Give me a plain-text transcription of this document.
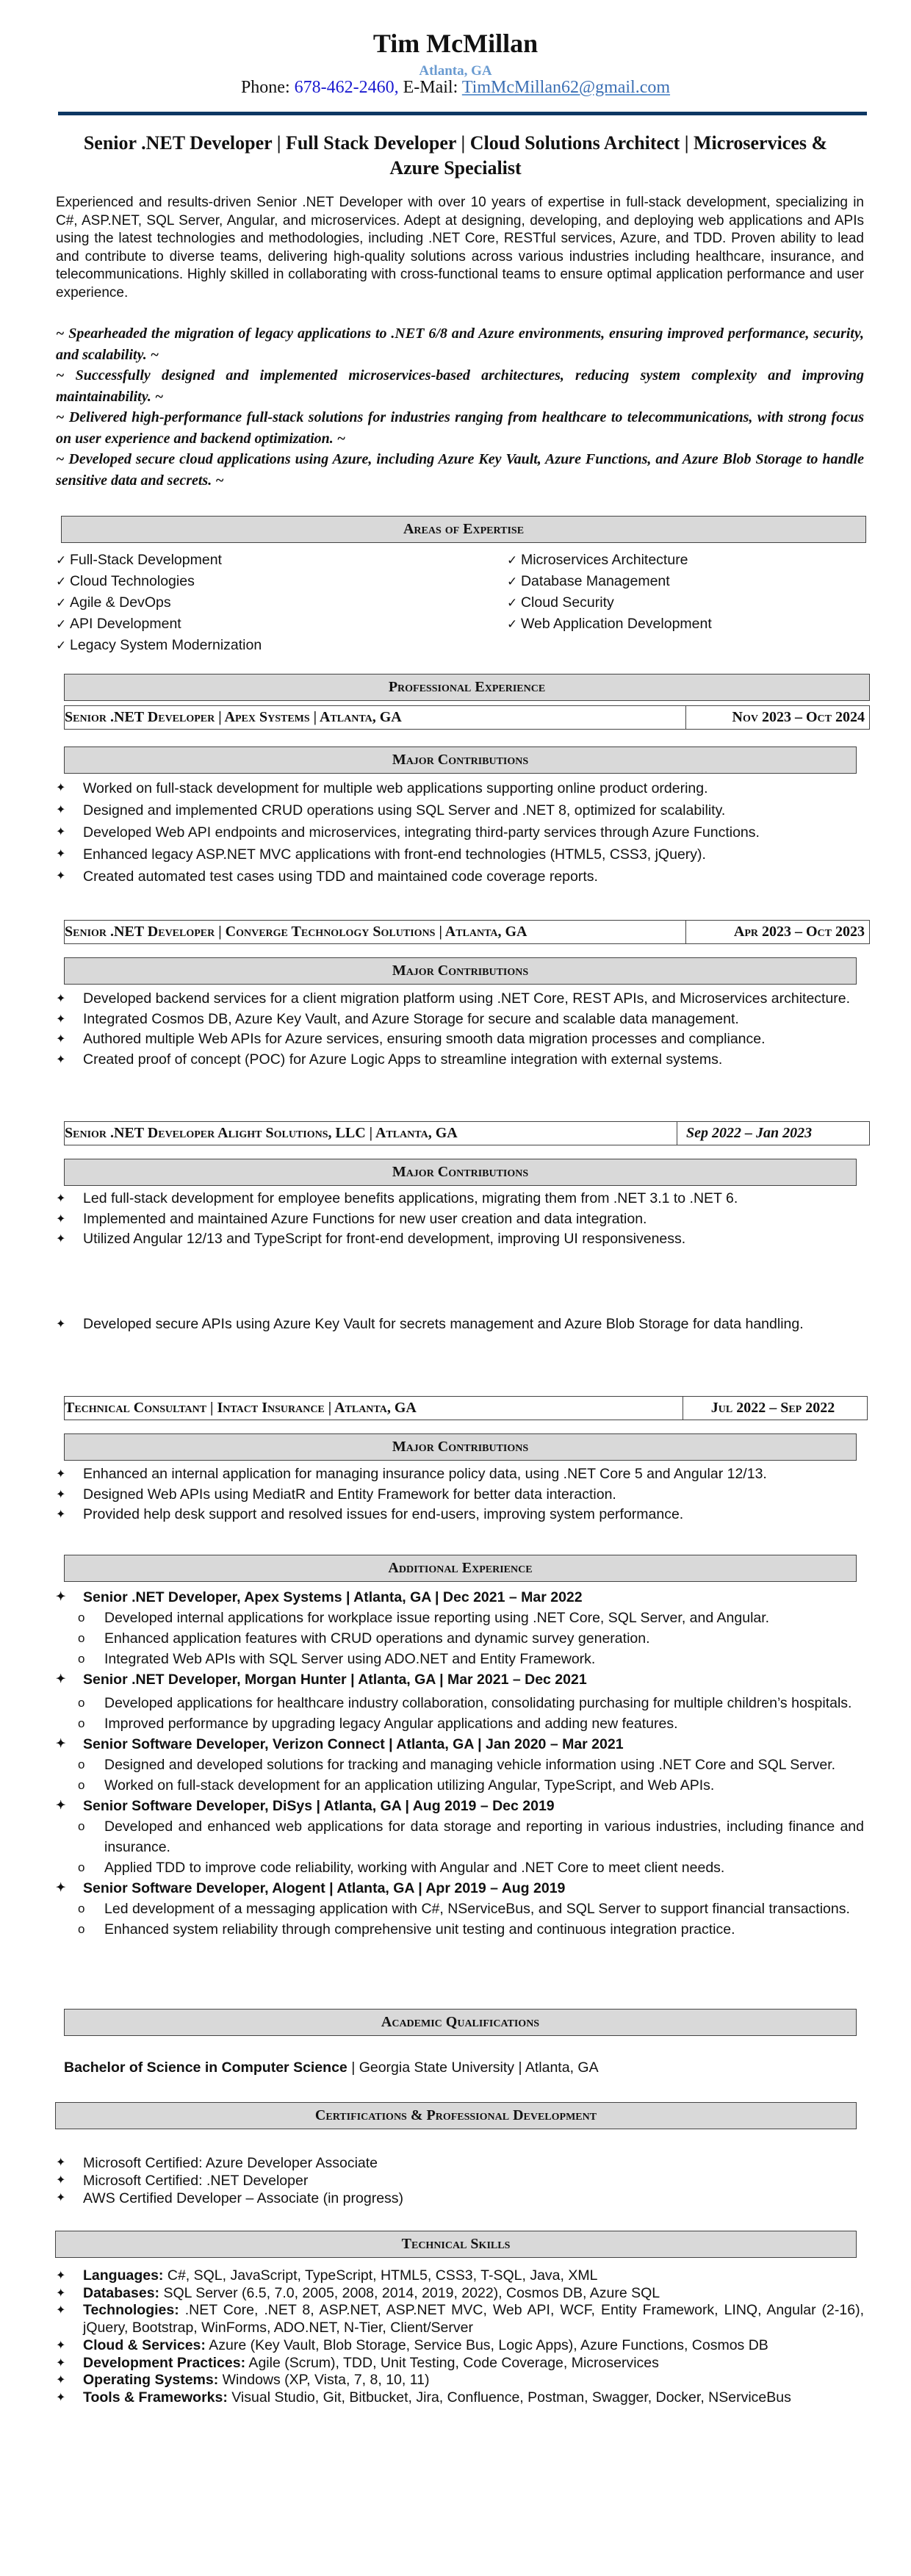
Tim McMillan
Atlanta, GA
Phone: 678-462-2460, E-Mail: TimMcMillan62@gmail.com
Senior .NET Developer | Full Stack Developer | Cloud Solutions Architect | Microservices & Azure Specialist
Experienced and results-driven Senior .NET Developer with over 10 years of expertise in full-stack development, specializing in C#, ASP.NET, SQL Server, Angular, and microservices. Adept at designing, developing, and deploying web applications and APIs using the latest technologies and methodologies, including .NET Core, RESTful services, Azure, and TDD. Proven ability to lead and contribute to diverse teams, delivering high-quality solutions across various industries including healthcare, insurance, and telecommunications. Highly skilled in collaborating with cross-functional teams to ensure optimal application performance and user experience.

~ Spearheaded the migration of legacy applications to .NET 6/8 and Azure environments, ensuring improved performance, security, and scalability. ~

~ Successfully designed and implemented microservices-based architectures, reducing system complexity and improving maintainability. ~

~ Delivered high-performance full-stack solutions for industries ranging from healthcare to telecommunications, with strong focus on user experience and backend optimization. ~

~ Developed secure cloud applications using Azure, including Azure Key Vault, Azure Functions, and Azure Blob Storage to handle sensitive data and secrets. ~

Areas of Expertise
✓ Full-Stack Development
✓ Cloud Technologies
✓ Agile & DevOps
✓ API Development
✓ Legacy System Modernization
✓ Microservices Architecture
✓ Database Management
✓ Cloud Security
✓ Web Application Development
Professional Experience
Senior .NET Developer | Apex Systems | Atlanta, GA	Nov 2023 – Oct 2024
Major Contributions
✦ Worked on full-stack development for multiple web applications supporting online product ordering.
✦ Designed and implemented CRUD operations using SQL Server and .NET 8, optimized for scalability.
✦ Developed Web API endpoints and microservices, integrating third-party services through Azure Functions.
✦ Enhanced legacy ASP.NET MVC applications with front-end technologies (HTML5, CSS3, jQuery).
✦ Created automated test cases using TDD and maintained code coverage reports.
Senior .NET Developer | Converge Technology Solutions | Atlanta, GA	Apr 2023 – Oct 2023
Major Contributions
✦ Developed backend services for a client migration platform using .NET Core, REST APIs, and Microservices architecture.
✦ Integrated Cosmos DB, Azure Key Vault, and Azure Storage for secure and scalable data management.
✦ Authored multiple Web APIs for Azure services, ensuring smooth data migration processes and compliance.
✦ Created proof of concept (POC) for Azure Logic Apps to streamline integration with external systems.
Senior .NET Developer Alight Solutions, LLC | Atlanta, GA	Sep 2022 – Jan 2023
Major Contributions
✦ Led full-stack development for employee benefits applications, migrating them from .NET 3.1 to .NET 6.
✦ Implemented and maintained Azure Functions for new user creation and data integration.
✦ Utilized Angular 12/13 and TypeScript for front-end development, improving UI responsiveness.
✦ Developed secure APIs using Azure Key Vault for secrets management and Azure Blob Storage for data handling.
Technical Consultant | Intact Insurance | Atlanta, GA	Jul 2022 – Sep 2022
Major Contributions
✦ Enhanced an internal application for managing insurance policy data, using .NET Core 5 and Angular 12/13.
✦ Designed Web APIs using MediatR and Entity Framework for better data interaction.
✦ Provided help desk support and resolved issues for end-users, improving system performance.
Additional Experience
✦ Senior .NET Developer, Apex Systems | Atlanta, GA | Dec 2021 – Mar 2022
o Developed internal applications for workplace issue reporting using .NET Core, SQL Server, and Angular.
o Enhanced application features with CRUD operations and dynamic survey generation.
o Integrated Web APIs with SQL Server using ADO.NET and Entity Framework.
✦ Senior .NET Developer, Morgan Hunter | Atlanta, GA | Mar 2021 – Dec 2021
o Developed applications for healthcare industry collaboration, consolidating purchasing for multiple children’s hospitals.
o Improved performance by upgrading legacy Angular applications and adding new features.
✦ Senior Software Developer, Verizon Connect | Atlanta, GA | Jan 2020 – Mar 2021
o Designed and developed solutions for tracking and managing vehicle information using .NET Core and SQL Server.
o Worked on full-stack development for an application utilizing Angular, TypeScript, and Web APIs.
✦ Senior Software Developer, DiSys | Atlanta, GA | Aug 2019 – Dec 2019
o Developed and enhanced web applications for data storage and reporting in various industries, including finance and insurance.
o Applied TDD to improve code reliability, working with Angular and .NET Core to meet client needs.
✦ Senior Software Developer, Alogent | Atlanta, GA | Apr 2019 – Aug 2019
o Led development of a messaging application with C#, NServiceBus, and SQL Server to support financial transactions.
o Enhanced system reliability through comprehensive unit testing and continuous integration practice.
Academic Qualifications
Bachelor of Science in Computer Science | Georgia State University | Atlanta, GA
Certifications & Professional Development
✦ Microsoft Certified: Azure Developer Associate
✦ Microsoft Certified: .NET Developer
✦ AWS Certified Developer – Associate (in progress)
Technical Skills
✦ Languages: C#, SQL, JavaScript, TypeScript, HTML5, CSS3, T-SQL, Java, XML
✦ Databases: SQL Server (6.5, 7.0, 2005, 2008, 2014, 2019, 2022), Cosmos DB, Azure SQL
✦ Technologies: .NET Core, .NET 8, ASP.NET, ASP.NET MVC, Web API, WCF, Entity Framework, LINQ, Angular (2-16), jQuery, Bootstrap, WinForms, ADO.NET, N-Tier, Client/Server
✦ Cloud & Services: Azure (Key Vault, Blob Storage, Service Bus, Logic Apps), Azure Functions, Cosmos DB
✦ Development Practices: Agile (Scrum), TDD, Unit Testing, Code Coverage, Microservices
✦ Operating Systems: Windows (XP, Vista, 7, 8, 10, 11)
✦ Tools & Frameworks: Visual Studio, Git, Bitbucket, Jira, Confluence, Postman, Swagger, Docker, NServiceBus
